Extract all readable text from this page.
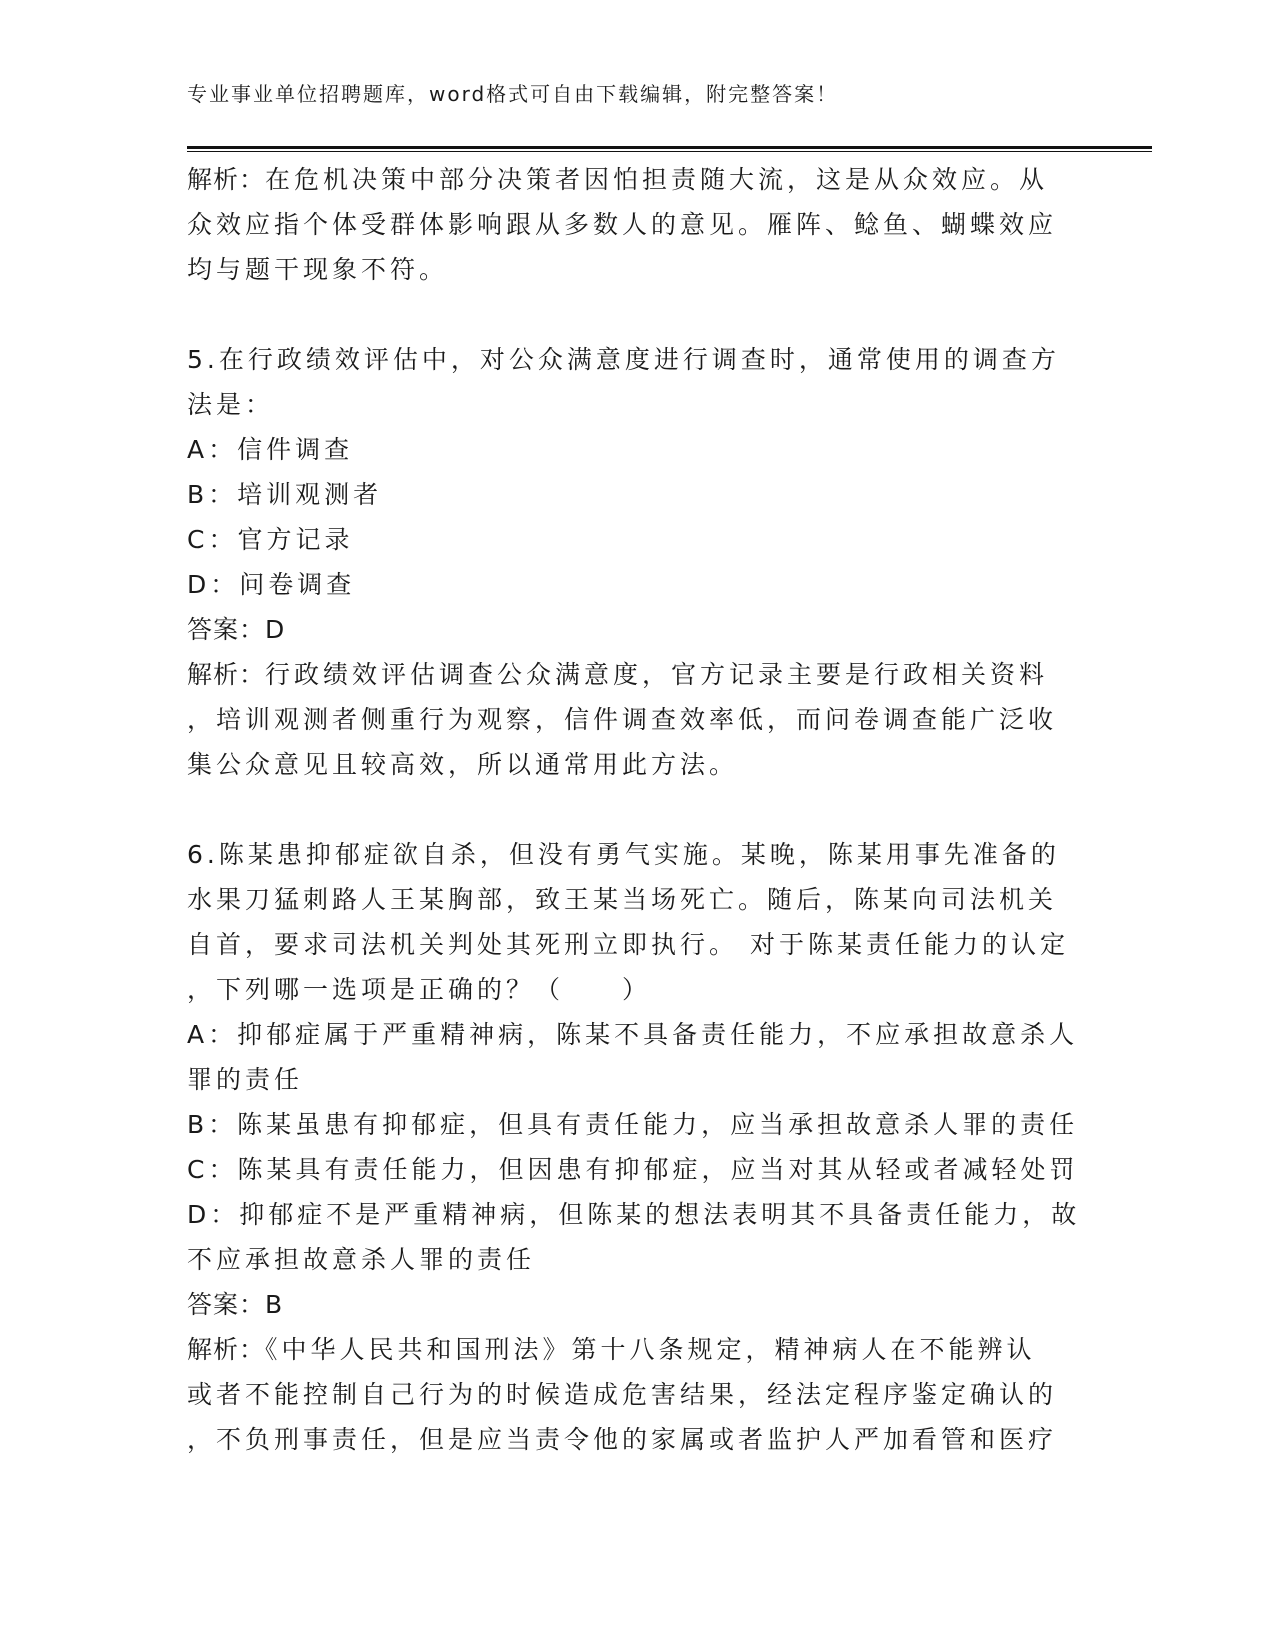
专业事业单位招聘题库，word格式可自由下载编辑，附完整答案！
解析：在危机决策中部分决策者因怕担责随大流，这是从众效应。从
众效应指个体受群体影响跟从多数人的意见。雁阵、鲶鱼、蝴蝶效应
均与题干现象不符。
5.在行政绩效评估中，对公众满意度进行调查时，通常使用的调查方
法是：
A：信件调查
B：培训观测者
C：官方记录
D：问卷调查
答案：D
解析：行政绩效评估调查公众满意度，官方记录主要是行政相关资料
，培训观测者侧重行为观察，信件调查效率低，而问卷调查能广泛收
集公众意见且较高效，所以通常用此方法。
6.陈某患抑郁症欲自杀，但没有勇气实施。某晚，陈某用事先准备的
水果刀猛刺路人王某胸部，致王某当场死亡。随后，陈某向司法机关
自首，要求司法机关判处其死刑立即执行。 对于陈某责任能力的认定
，下列哪一选项是正确的？（　　）
A：抑郁症属于严重精神病，陈某不具备责任能力，不应承担故意杀人
罪的责任
B：陈某虽患有抑郁症，但具有责任能力，应当承担故意杀人罪的责任
C：陈某具有责任能力，但因患有抑郁症，应当对其从轻或者减轻处罚
D：抑郁症不是严重精神病，但陈某的想法表明其不具备责任能力，故
不应承担故意杀人罪的责任
答案：B
解析：《中华人民共和国刑法》第十八条规定，精神病人在不能辨认
或者不能控制自己行为的时候造成危害结果，经法定程序鉴定确认的
，不负刑事责任，但是应当责令他的家属或者监护人严加看管和医疗
